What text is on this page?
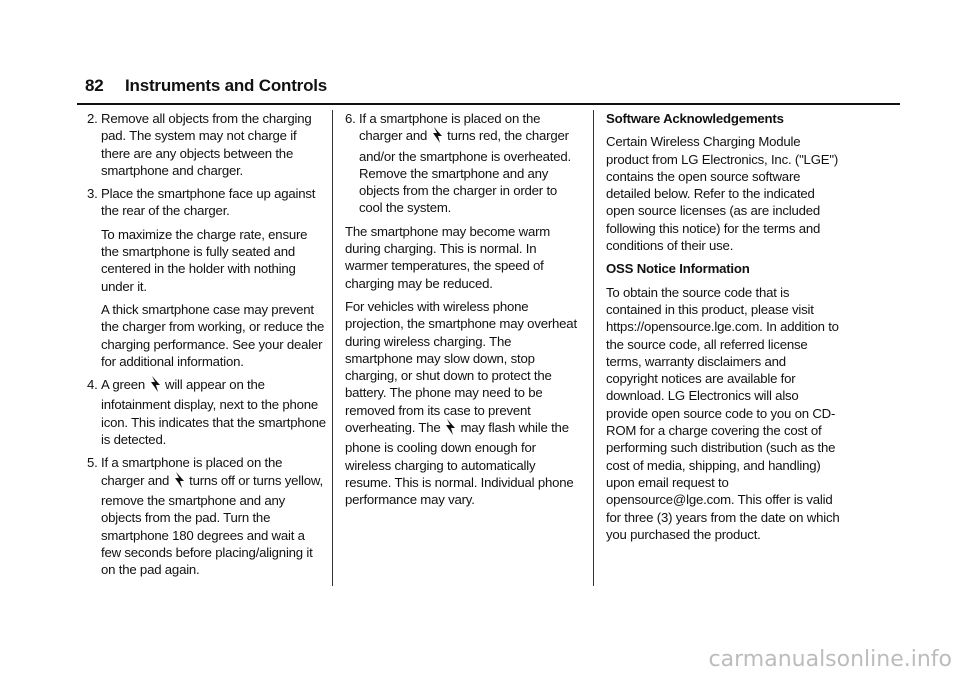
82 Instruments and Controls
2. Remove all objects from the charging pad. The system may not charge if there are any objects between the smartphone and charger.
3. Place the smartphone face up against the rear of the charger.
To maximize the charge rate, ensure the smartphone is fully seated and centered in the holder with nothing under it.
A thick smartphone case may prevent the charger from working, or reduce the charging performance. See your dealer for additional information.
4. A green will appear on the infotainment display, next to the phone icon. This indicates that the smartphone is detected.
5. If a smartphone is placed on the charger and turns off or turns yellow, remove the smartphone and any objects from the pad. Turn the smartphone 180 degrees and wait a few seconds before placing/aligning it on the pad again.
6. If a smartphone is placed on the charger and turns red, the charger and/or the smartphone is overheated. Remove the smartphone and any objects from the charger in order to cool the system.

The smartphone may become warm during charging. This is normal. In warmer temperatures, the speed of charging may be reduced.

For vehicles with wireless phone projection, the smartphone may overheat during wireless charging. The smartphone may slow down, stop charging, or shut down to protect the battery. The phone may need to be removed from its case to prevent overheating. The may flash while the phone is cooling down enough for wireless charging to automatically resume. This is normal. Individual phone performance may vary.

Software Acknowledgements

Certain Wireless Charging Module product from LG Electronics, Inc. ("LGE") contains the open source software detailed below. Refer to the indicated open source licenses (as are included following this notice) for the terms and conditions of their use.

OSS Notice Information

To obtain the source code that is contained in this product, please visit https://opensource.lge.com. In addition to the source code, all referred license terms, warranty disclaimers and copyright notices are available for download. LG Electronics will also provide open source code to you on CD-ROM for a charge covering the cost of performing such distribution (such as the cost of media, shipping, and handling) upon email request to opensource@lge.com. This offer is valid for three (3) years from the date on which you purchased the product.

carmanualsonline.info
